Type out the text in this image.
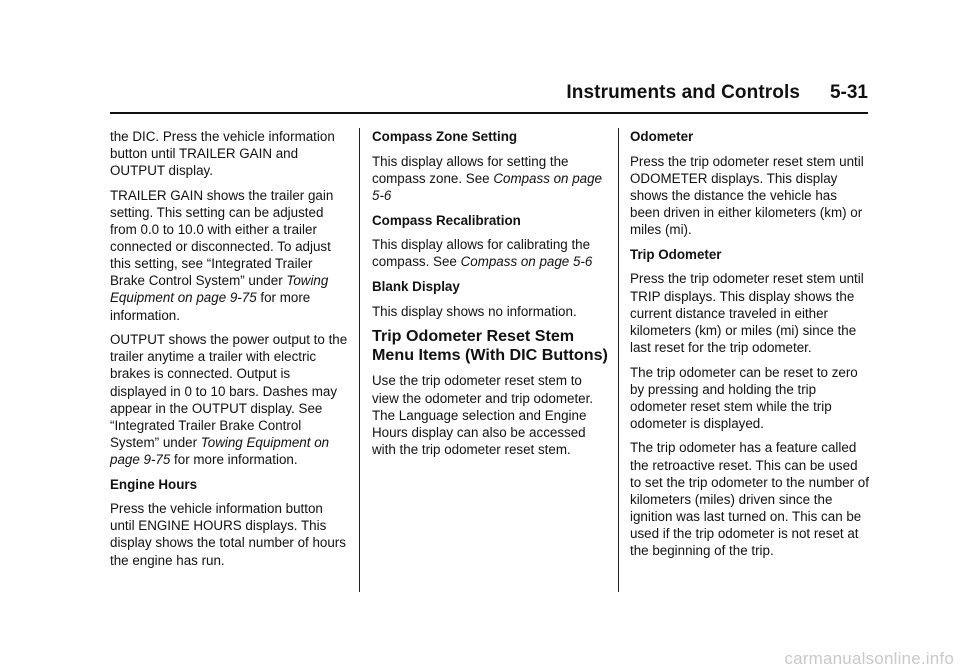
Instruments and Controls 5-31

the DIC. Press the vehicle information button until TRAILER GAIN and OUTPUT display.

TRAILER GAIN shows the trailer gain setting. This setting can be adjusted from 0.0 to 10.0 with either a trailer connected or disconnected. To adjust this setting, see “Integrated Trailer Brake Control System” under Towing Equipment on page 9-75 for more information.

OUTPUT shows the power output to the trailer anytime a trailer with electric brakes is connected. Output is displayed in 0 to 10 bars. Dashes may appear in the OUTPUT display. See “Integrated Trailer Brake Control System” under Towing Equipment on page 9-75 for more information.

Engine Hours

Press the vehicle information button until ENGINE HOURS displays. This display shows the total number of hours the engine has run.

Compass Zone Setting

This display allows for setting the compass zone. See Compass on page 5-6

Compass Recalibration

This display allows for calibrating the compass. See Compass on page 5-6

Blank Display

This display shows no information.

Trip Odometer Reset Stem Menu Items (With DIC Buttons)

Use the trip odometer reset stem to view the odometer and trip odometer. The Language selection and Engine Hours display can also be accessed with the trip odometer reset stem.

Odometer

Press the trip odometer reset stem until ODOMETER displays. This display shows the distance the vehicle has been driven in either kilometers (km) or miles (mi).

Trip Odometer

Press the trip odometer reset stem until TRIP displays. This display shows the current distance traveled in either kilometers (km) or miles (mi) since the last reset for the trip odometer.

The trip odometer can be reset to zero by pressing and holding the trip odometer reset stem while the trip odometer is displayed.

The trip odometer has a feature called the retroactive reset. This can be used to set the trip odometer to the number of kilometers (miles) driven since the ignition was last turned on. This can be used if the trip odometer is not reset at the beginning of the trip.

carmanualsonline.info
